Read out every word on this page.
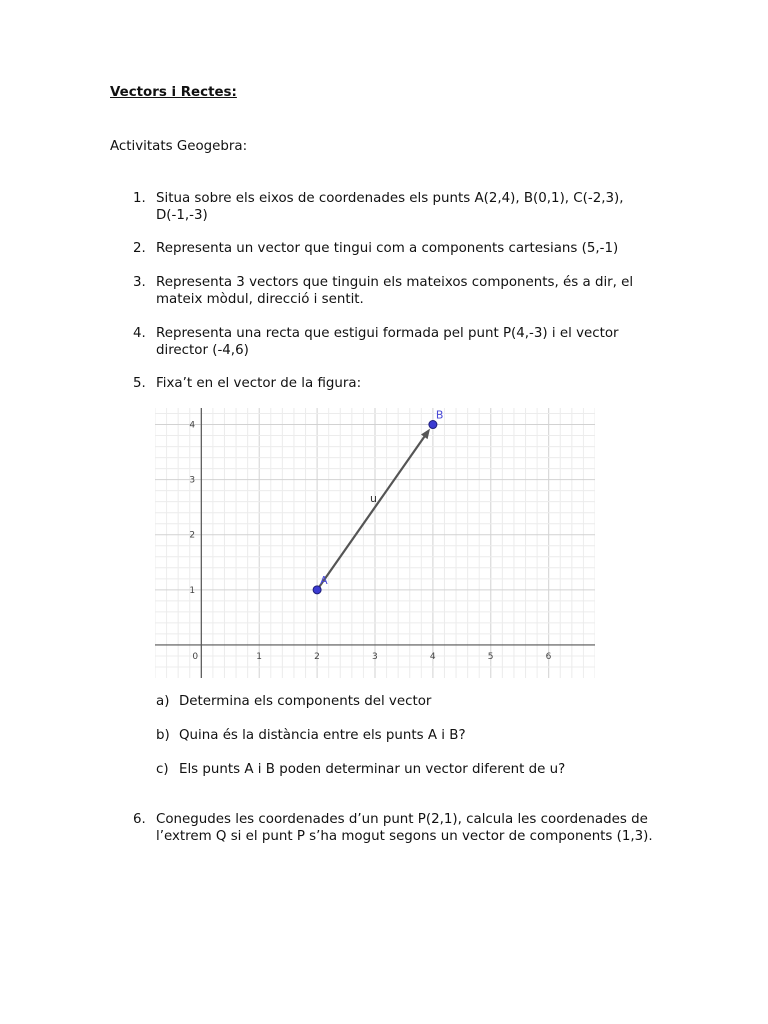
Vectors i Rectes:

Activitats Geogebra:

1. Situa sobre els eixos de coordenades els punts A(2,4), B(0,1), C(-2,3), D(-1,-3)
2. Representa un vector que tingui com a components cartesians (5,-1)
3. Representa 3 vectors que tinguin els mateixos components, és a dir, el mateix mòdul, direcció i sentit.
4. Representa una recta que estigui formada pel punt P(4,-3) i el vector director (-4,6)
5. Fixa’t en el vector de la figura:
0	1	2	3	4	5	6
1
2
3
4
u
A
B
a) Determina els components del vector
b) Quina és la distància entre els punts A i B?
c) Els punts A i B poden determinar un vector diferent de u?
6. Conegudes les coordenades d’un punt P(2,1), calcula les coordenades de l’extrem Q si el punt P s’ha mogut segons un vector de components (1,3).
